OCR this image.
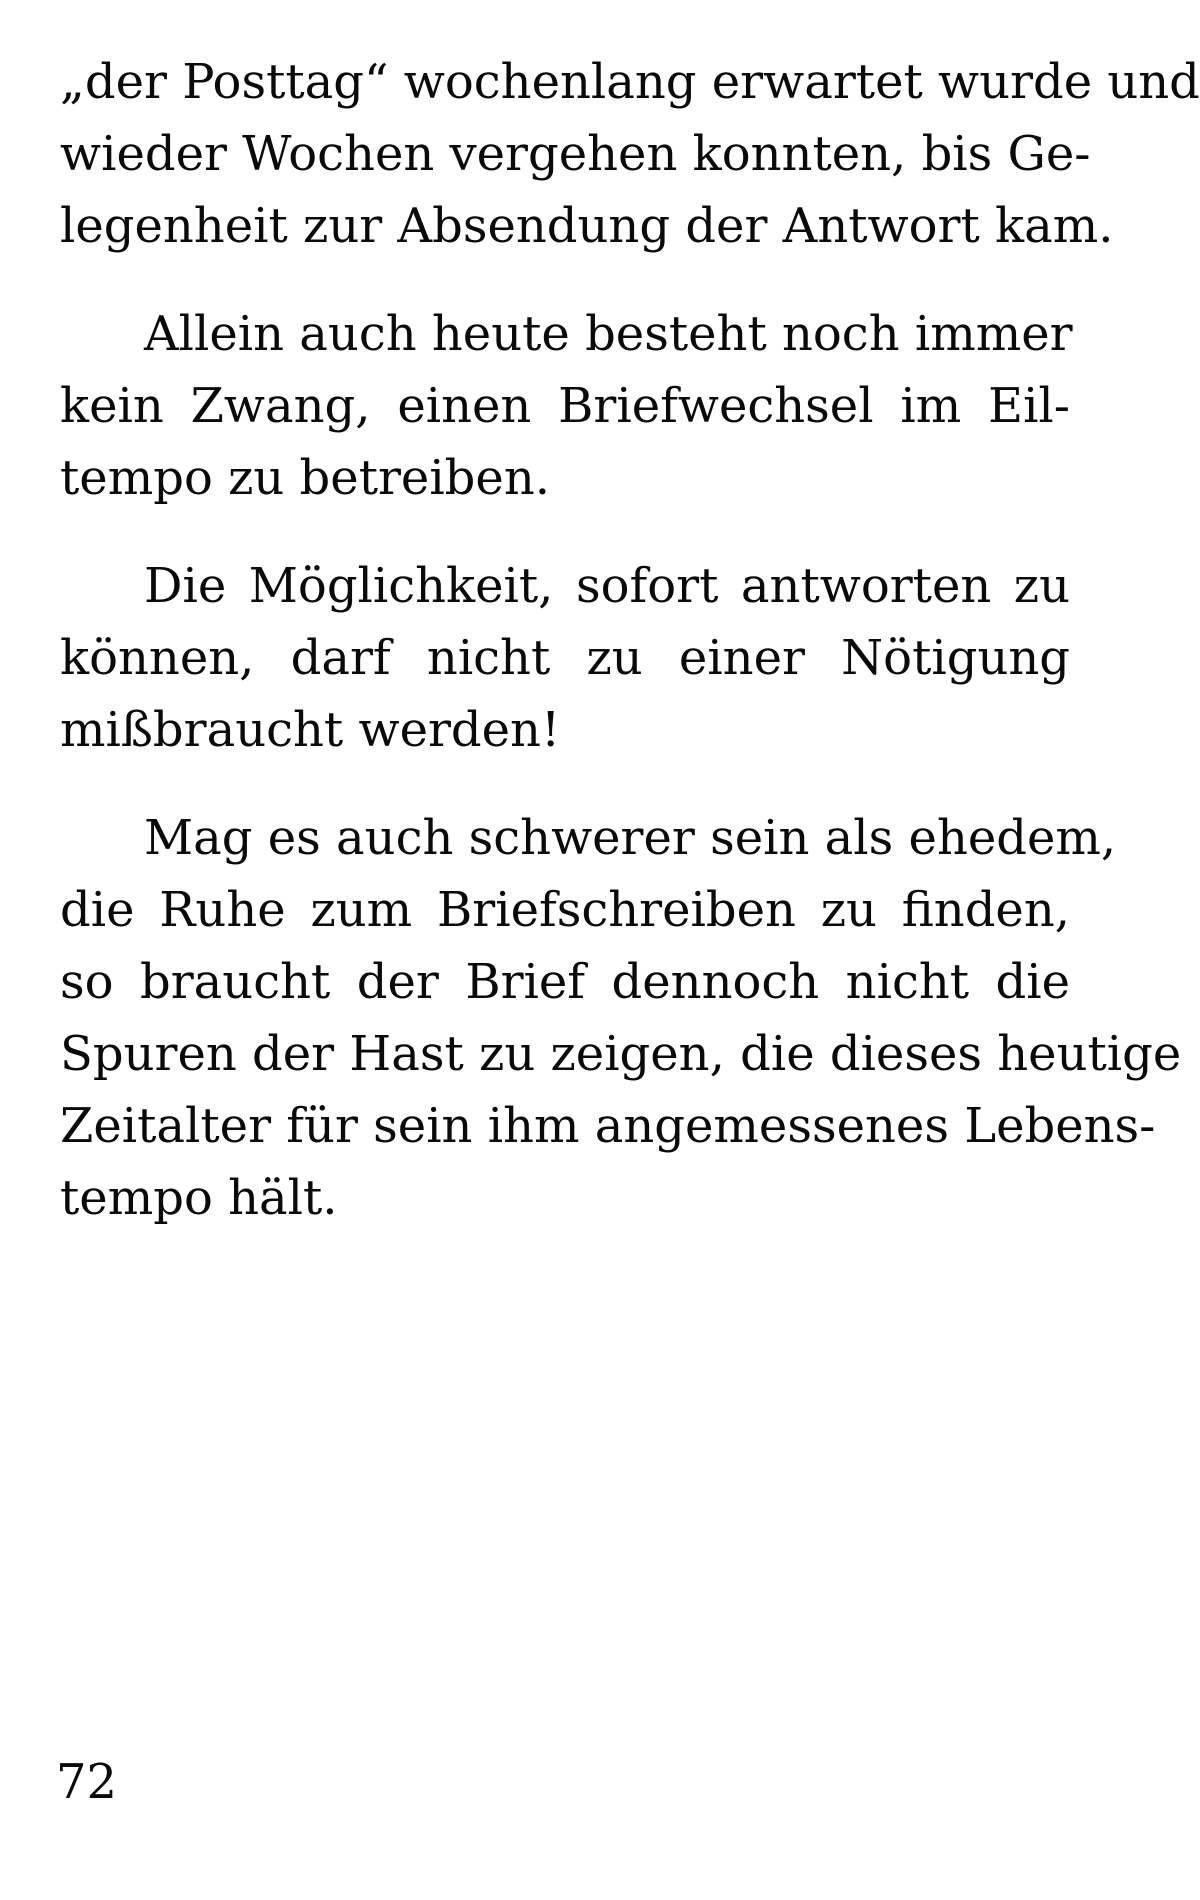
„der Posttag“ wochenlang erwartet wurde und
wieder Wochen vergehen konnten, bis Ge-
legenheit zur Absendung der Antwort kam.
Allein auch heute besteht noch immer
kein Zwang, einen Briefwechsel im Eil-
tempo zu betreiben.
Die Möglichkeit, sofort antworten zu
können, darf nicht zu einer Nötigung
mißbraucht werden!
Mag es auch schwerer sein als ehedem,
die Ruhe zum Briefschreiben zu finden,
so braucht der Brief dennoch nicht die
Spuren der Hast zu zeigen, die dieses heutige
Zeitalter für sein ihm angemessenes Lebens-
tempo hält.
72
